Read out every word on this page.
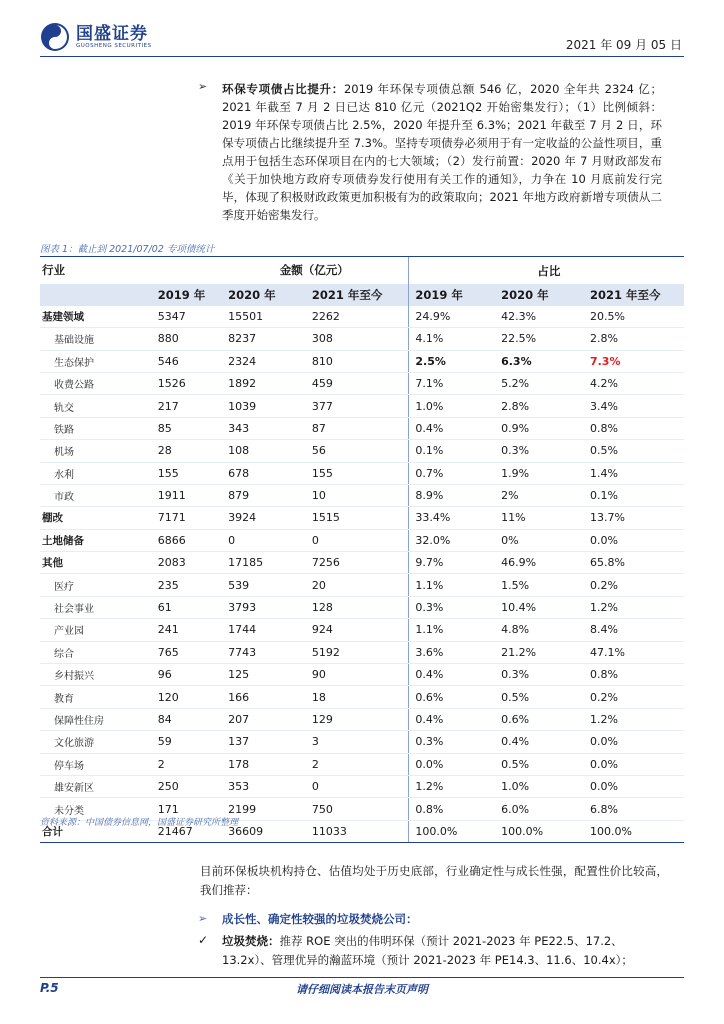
国盛证券
GUOSHENG SECURITIES	2021 年 09 月 05 日
➢ 环保专项债占比提升：2019 年环保专项债总额 546 亿，2020 全年共 2324 亿；2021 年截至 7 月 2 日已达 810 亿元（2021Q2 开始密集发行）；（1）比例倾斜：2019 年环保专项债占比 2.5%，2020 年提升至 6.3%；2021 年截至 7 月 2 日，环保专项债占比继续提升至 7.3%。坚持专项债券必须用于有一定收益的公益性项目，重点用于包括生态环保项目在内的七大领域；（2）发行前置：2020 年 7 月财政部发布《关于加快地方政府专项债券发行使用有关工作的通知》，力争在 10 月底前发行完毕，体现了积极财政政策更加积极有为的政策取向；2021 年地方政府新增专项债从二季度开始密集发行。
图表 1：截止到 2021/07/02 专项债统计
行业	金额（亿元）			占比		
	2019 年	2020 年	2021 年至今	2019 年	2020 年	2021 年至今
基建领域	5347	15501	2262	24.9%	42.3%	20.5%
基础设施	880	8237	308	4.1%	22.5%	2.8%
生态保护	546	2324	810	2.5%	6.3%	7.3%
收费公路	1526	1892	459	7.1%	5.2%	4.2%
轨交	217	1039	377	1.0%	2.8%	3.4%
铁路	85	343	87	0.4%	0.9%	0.8%
机场	28	108	56	0.1%	0.3%	0.5%
水利	155	678	155	0.7%	1.9%	1.4%
市政	1911	879	10	8.9%	2%	0.1%
棚改	7171	3924	1515	33.4%	11%	13.7%
土地储备	6866	0	0	32.0%	0%	0.0%
其他	2083	17185	7256	9.7%	46.9%	65.8%
医疗	235	539	20	1.1%	1.5%	0.2%
社会事业	61	3793	128	0.3%	10.4%	1.2%
产业园	241	1744	924	1.1%	4.8%	8.4%
综合	765	7743	5192	3.6%	21.2%	47.1%
乡村振兴	96	125	90	0.4%	0.3%	0.8%
教育	120	166	18	0.6%	0.5%	0.2%
保障性住房	84	207	129	0.4%	0.6%	1.2%
文化旅游	59	137	3	0.3%	0.4%	0.0%
停车场	2	178	2	0.0%	0.5%	0.0%
雄安新区	250	353	0	1.2%	1.0%	0.0%
未分类	171	2199	750	0.8%	6.0%	6.8%
合计	21467	36609	11033	100.0%	100.0%	100.0%
资料来源：中国债券信息网，国盛证券研究所整理
目前环保板块机构持仓、估值均处于历史底部，行业确定性与成长性强，配置性价比较高，我们推荐：
➢ 成长性、确定性较强的垃圾焚烧公司：
✓ 垃圾焚烧：推荐 ROE 突出的伟明环保（预计 2021-2023 年 PE22.5、17.2、13.2x）、管理优异的瀚蓝环境（预计 2021-2023 年 PE14.3、11.6、10.4x）；
P.5	请仔细阅读本报告末页声明
